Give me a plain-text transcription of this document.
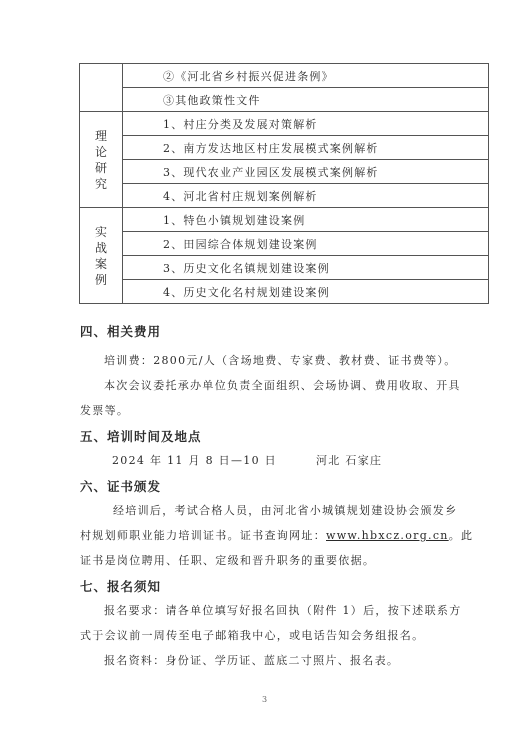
	②《河北省乡村振兴促进条例》
	③其他政策性文件

理
论
研
究	1、村庄分类及发展对策解析
	2、南方发达地区村庄发展模式案例解析
	3、现代农业产业园区发展模式案例解析
	4、河北省村庄规划案例解析

实
战
案
例	1、特色小镇规划建设案例
	2、田园综合体规划建设案例
	3、历史文化名镇规划建设案例
	4、历史文化名村规划建设案例
四、相关费用
培训费：2800元/人（含场地费、专家费、教材费、证书费等）。
本次会议委托承办单位负责全面组织、会场协调、费用收取、开具
发票等。
五、培训时间及地点
2024 年 11 月 8 日—10 日	河北 石家庄
六、证书颁发
经培训后，考试合格人员，由河北省小城镇规划建设协会颁发乡
村规划师职业能力培训证书。证书查询网址：www.hbxcz.org.cn。此
证书是岗位聘用、任职、定级和晋升职务的重要依据。
七、报名须知
报名要求：请各单位填写好报名回执（附件 1）后，按下述联系方
式于会议前一周传至电子邮箱我中心，或电话告知会务组报名。
报名资料：身份证、学历证、蓝底二寸照片、报名表。
3
